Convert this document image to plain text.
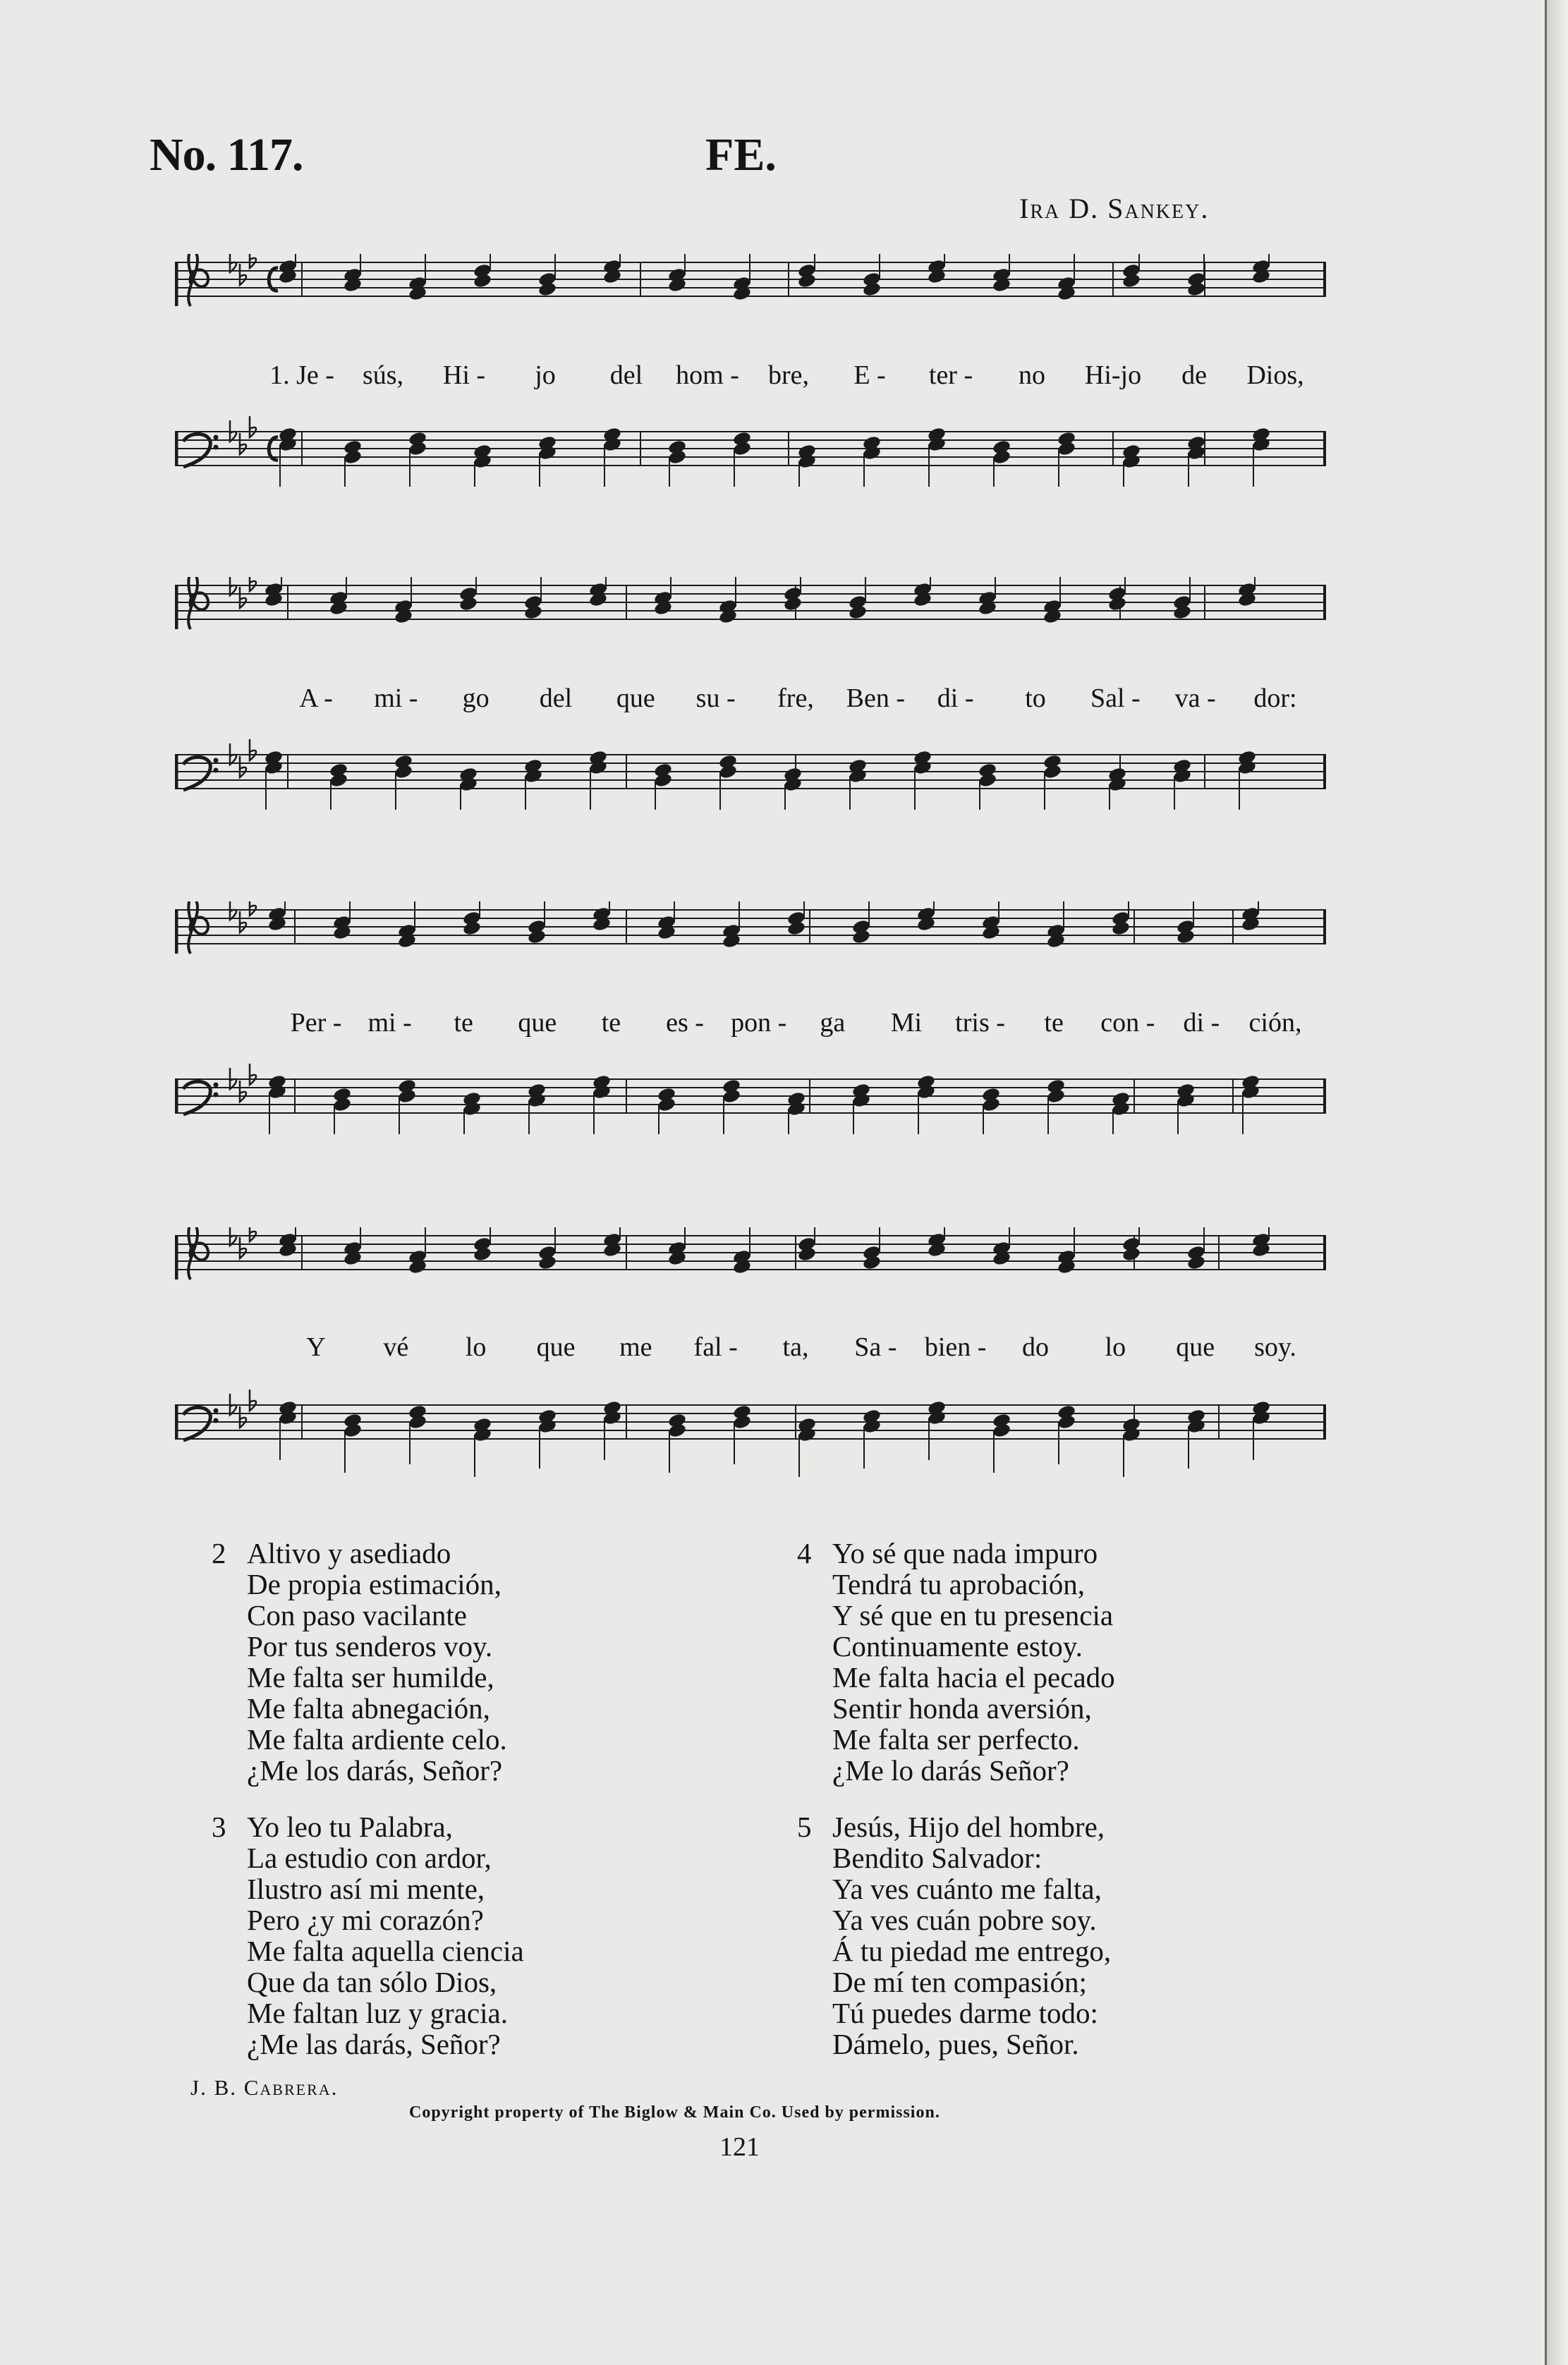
No. 117.	FE.
Ira D. Sankey.
1. Je - sús, Hi - jo del hom - bre, E - ter - no Hi-jo de Dios,
A - mi - go del que su - fre, Ben - di - to Sal - va - dor:
Per - mi - te que te es - pon - ga Mi tris - te con - di - ción,
Y vé lo que me fal - ta, Sa - bien - do lo que soy.
2 Altivo y asediado
De propia estimación,
Con paso vacilante
Por tus senderos voy.
Me falta ser humilde,
Me falta abnegación,
Me falta ardiente celo.
¿Me los darás, Señor?
3 Yo leo tu Palabra,
La estudio con ardor,
Ilustro así mi mente,
Pero ¿y mi corazón?
Me falta aquella ciencia
Que da tan sólo Dios,
Me faltan luz y gracia.
¿Me las darás, Señor?
4 Yo sé que nada impuro
Tendrá tu aprobación,
Y sé que en tu presencia
Continuamente estoy.
Me falta hacia el pecado
Sentir honda aversión,
Me falta ser perfecto.
¿Me lo darás Señor?
5 Jesús, Hijo del hombre,
Bendito Salvador:
Ya ves cuánto me falta,
Ya ves cuán pobre soy.
Á tu piedad me entrego,
De mí ten compasión;
Tú puedes darme todo:
Dámelo, pues, Señor.
J. B. Cabrera.
Copyright property of The Biglow & Main Co. Used by permission.
121
